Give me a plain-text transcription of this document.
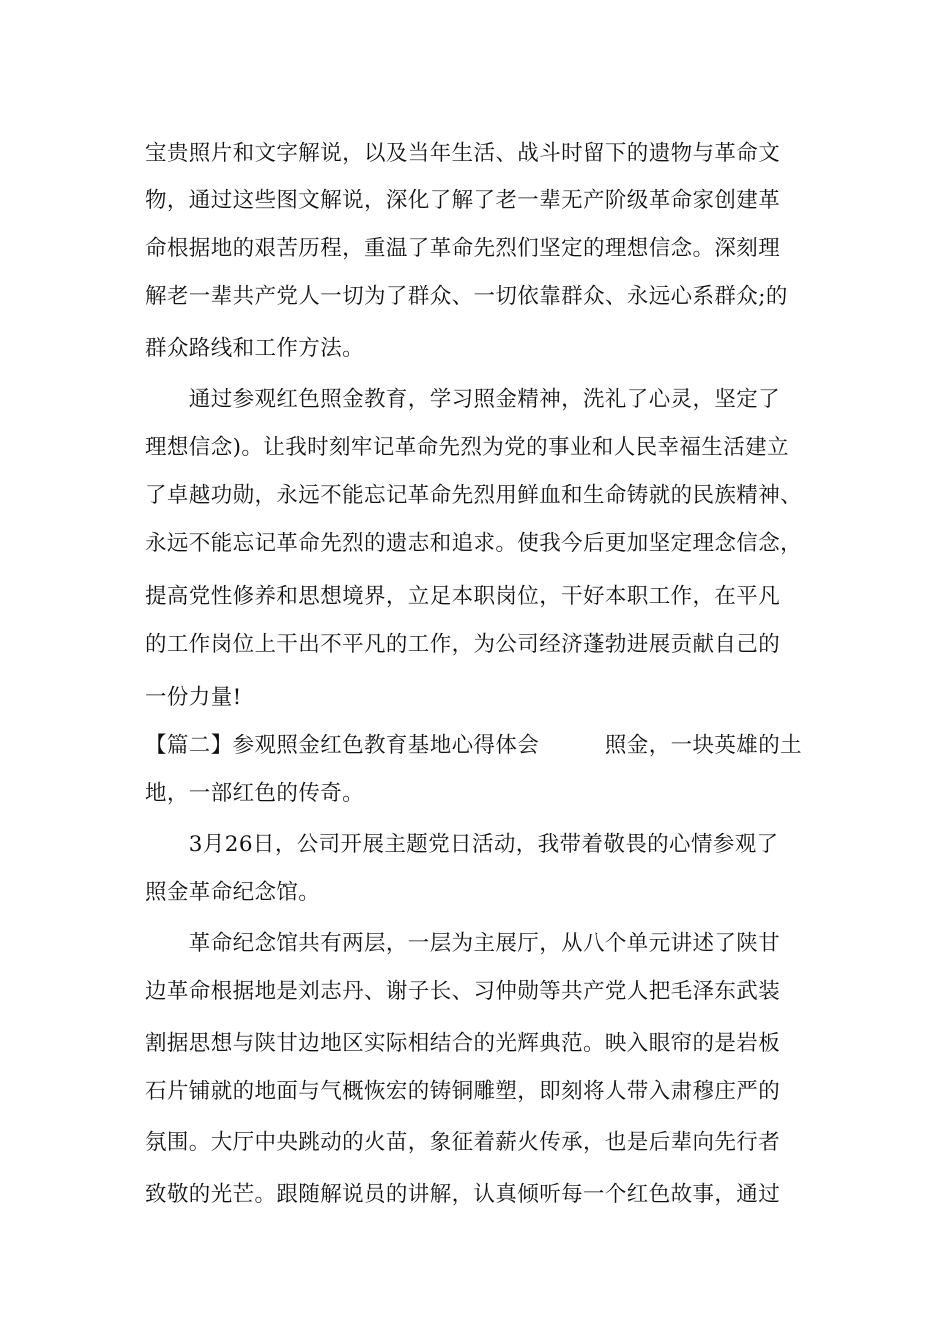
宝贵照片和文字解说，以及当年生活、战斗时留下的遗物与革命文

物，通过这些图文解说，深化了解了老一辈无产阶级革命家创建革

命根据地的艰苦历程，重温了革命先烈们坚定的理想信念。深刻理

解老一辈共产党人一切为了群众、一切依靠群众、永远心系群众;的

群众路线和工作方法。

　　通过参观红色照金教育，学习照金精神，洗礼了心灵，坚定了

理想信念)。让我时刻牢记革命先烈为党的事业和人民幸福生活建立

了卓越功勋，永远不能忘记革命先烈用鲜血和生命铸就的民族精神、

永远不能忘记革命先烈的遗志和追求。使我今后更加坚定理念信念，

提高党性修养和思想境界，立足本职岗位，干好本职工作，在平凡

的工作岗位上干出不平凡的工作，为公司经济蓬勃进展贡献自己的

一份力量!

【篇二】参观照金红色教育基地心得体会　　　照金，一块英雄的土

地，一部红色的传奇。

　　3月26日，公司开展主题党日活动，我带着敬畏的心情参观了

照金革命纪念馆。

　　革命纪念馆共有两层，一层为主展厅，从八个单元讲述了陕甘

边革命根据地是刘志丹、谢子长、习仲勋等共产党人把毛泽东武装

割据思想与陕甘边地区实际相结合的光辉典范。映入眼帘的是岩板

石片铺就的地面与气概恢宏的铸铜雕塑，即刻将人带入肃穆庄严的

氛围。大厅中央跳动的火苗，象征着薪火传承，也是后辈向先行者

致敬的光芒。跟随解说员的讲解，认真倾听每一个红色故事，通过
